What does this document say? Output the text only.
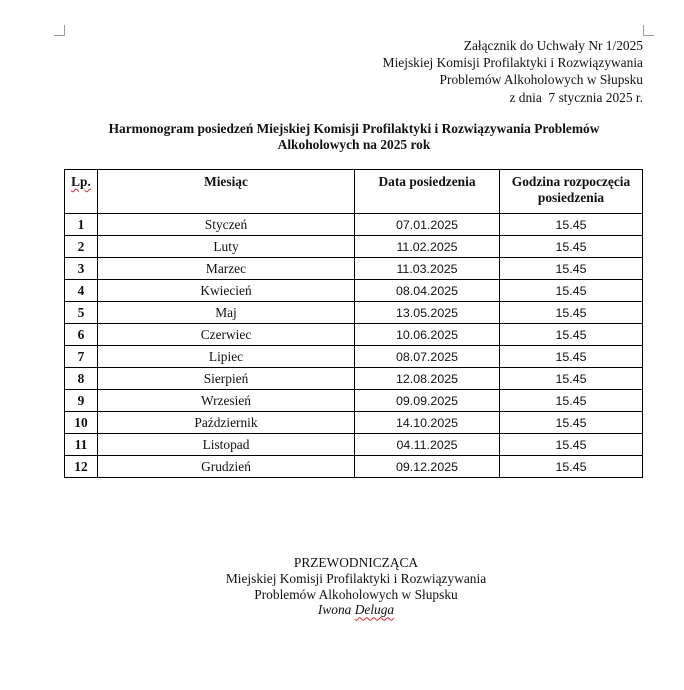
Załącznik do Uchwały Nr 1/2025
Miejskiej Komisji Profilaktyki i Rozwiązywania
Problemów Alkoholowych w Słupsku
z dnia  7 stycznia 2025 r.
Harmonogram posiedzeń Miejskiej Komisji Profilaktyki i Rozwiązywania Problemów
Alkoholowych na 2025 rok
Lp.	Miesiąc	Data posiedzenia	Godzina rozpoczęcia posiedzenia
1	Styczeń	07.01.2025	15.45
2	Luty	11.02.2025	15.45
3	Marzec	11.03.2025	15.45
4	Kwiecień	08.04.2025	15.45
5	Maj	13.05.2025	15.45
6	Czerwiec	10.06.2025	15.45
7	Lipiec	08.07.2025	15.45
8	Sierpień	12.08.2025	15.45
9	Wrzesień	09.09.2025	15.45
10	Październik	14.10.2025	15.45
11	Listopad	04.11.2025	15.45
12	Grudzień	09.12.2025	15.45
PRZEWODNICZĄCA
Miejskiej Komisji Profilaktyki i Rozwiązywania
Problemów Alkoholowych w Słupsku
Iwona Deluga
